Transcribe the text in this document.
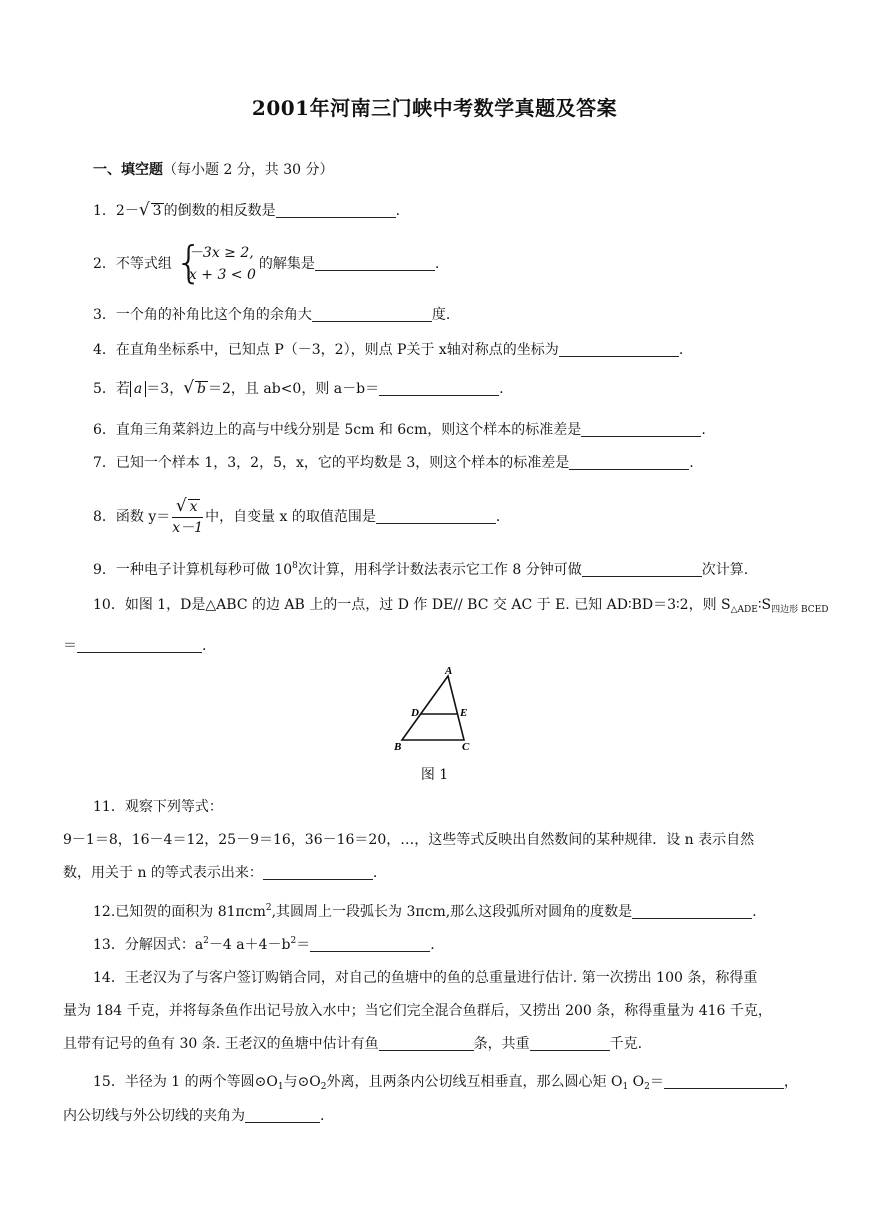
2001年河南三门峡中考数学真题及答案
一、填空题（每小题 2 分，共 30 分）
1．2－√ 3 的倒数的相反数是	.
2．不等式组 {
－3x ≥ 2,
x + 3 < 0
的解集是	.
3．一个角的补角比这个角的余角大	度.
4．在直角坐标系中，已知点 P（－3，2），则点 P关于 x轴对称点的坐标为	.
5．若 a ＝3，√ b ＝2，且 ab<0，则 a－b＝	.
6．直角三角菜斜边上的高与中线分别是 5cm 和 6cm，则这个样本的标准差是	.
7．已知一个样本 1，3，2，5，x，它的平均数是 3，则这个样本的标准差是	.
8．函数 $y= \frac{√ x}{x-1}$ 中，自变量 x 的取值范围是	.
9．一种电子计算机每秒可做 $10^8$次计算，用科学计数法表示它工作 8 分钟可做	次计算.
10．如图 1，D是△ABC 的边 AB 上的一点，过 D 作 DE// BC 交 AC 于 E. 已知 AD∶BD＝3∶2，则 $S_{\triangle ADE}∶S_{四边形 BCED}$
＝	.
A
D	E
B	C
图 1
11．观察下列等式：
9－1＝8，16－4＝12，25－9＝16，36－16＝20，…，这些等式反映出自然数间的某种规律．设 n 表示自然
数，用关于 n 的等式表示出来：	.
12.已知贺的面积为 81πcm$^2$,其圆周上一段弧长为 3πcm,那么这段弧所对圆角的度数是	.
13．分解因式：$a^2-4$ $a+4-b^2=$	.
14．王老汉为了与客户签订购销合同，对自己的鱼塘中的鱼的总重量进行估计. 第一次捞出 100 条，称得重
量为 184 千克，并将每条鱼作出记号放入水中；当它们完全混合鱼群后，又捞出 200 条，称得重量为 416 千克，
且带有记号的鱼有 30 条. 王老汉的鱼塘中估计有鱼	条，共重	千克.
15．半径为 1 的两个等圆$⊙O_1$与$⊙O_2$外离，且两条内公切线互相垂直，那么圆心矩 $O_1$ $O_2=$	，
内公切线与外公切线的夹角为	.
